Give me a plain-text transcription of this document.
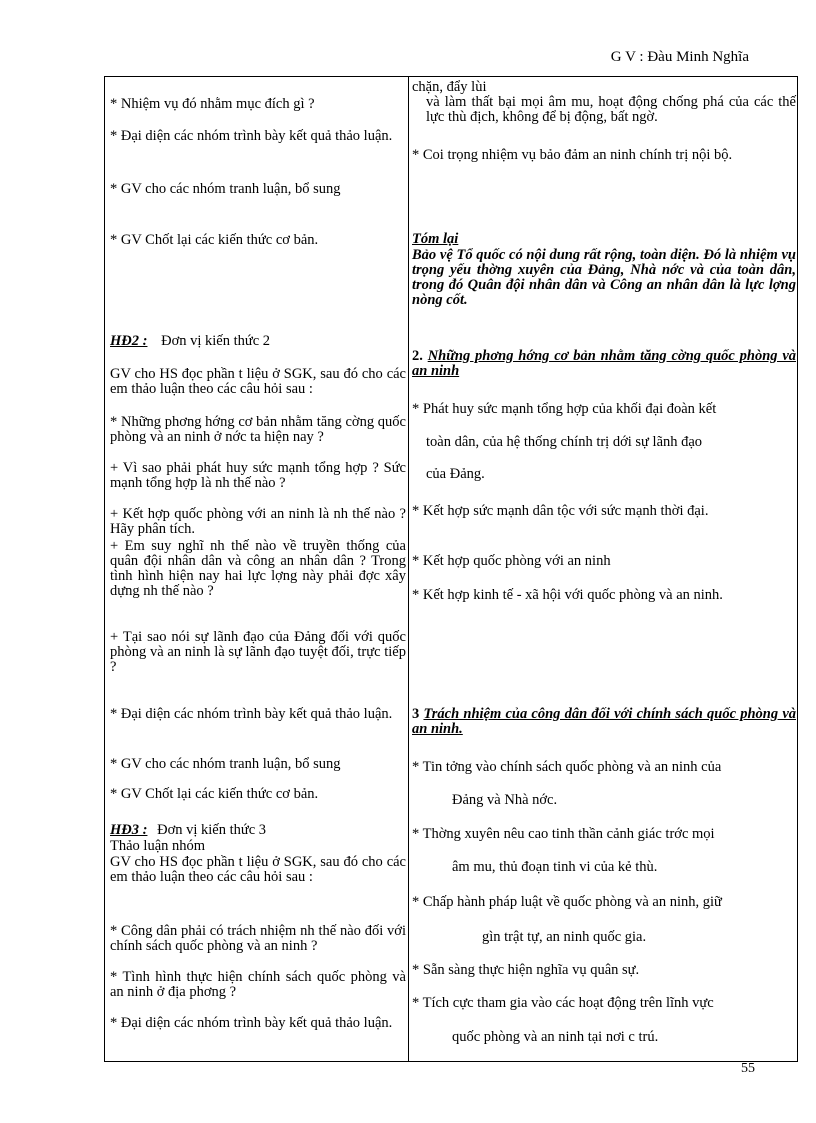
G V : Đàu Minh Nghĩa
* Nhiệm vụ đó nhằm mục đích gì ?
* Đại diện các nhóm trình bày kết quả thảo luận.
* GV cho các nhóm tranh luận, bổ sung
* GV Chốt lại các kiến thức cơ bản.
HĐ2 : Đơn vị kiến thức 2
GV cho HS đọc phần t liệu ở SGK, sau đó cho các em thảo luận theo các câu hỏi sau :
* Những phơng hớng cơ bản nhằm tăng cờng quốc phòng và an ninh ở nớc ta hiện nay ?
+ Vì sao phải phát huy sức mạnh tổng hợp ? Sức mạnh tổng hợp là nh thế nào ?
+ Kết hợp quốc phòng với an ninh là nh thế nào ? Hãy phân tích.
+ Em suy nghĩ nh thế nào về truyền thống của quân đội nhân dân và công an nhân dân ? Trong tình hình hiện nay hai lực lợng này phải đợc xây dựng nh thế nào ?
+ Tại sao nói sự lãnh đạo của Đảng đối với quốc phòng và an ninh là sự lãnh đạo tuyệt đối, trực tiếp ?
* Đại diện các nhóm trình bày kết quả thảo luận.
* GV cho các nhóm tranh luận, bổ sung
* GV Chốt lại các kiến thức cơ bản.
HĐ3 : Đơn vị kiến thức 3
Thảo luận nhóm
GV cho HS đọc phần t liệu ở SGK, sau đó cho các em thảo luận theo các câu hỏi sau :
* Công dân phải có trách nhiệm nh thế nào đối với chính sách quốc phòng và an ninh ?
* Tình hình thực hiện chính sách quốc phòng và an ninh ở địa phơng ?
* Đại diện các nhóm trình bày kết quả thảo luận.
chặn, đẩy lùi
và làm thất bại mọi âm mu, hoạt động chống phá của các thế lực thù địch, không để bị động, bất ngờ.
* Coi trọng nhiệm vụ bảo đảm an ninh chính trị nội bộ.
Tóm lại
Bảo vệ Tổ quốc có nội dung rất rộng, toàn diện. Đó là nhiệm vụ trọng yếu thờng xuyên của Đảng, Nhà nớc và của toàn dân, trong đó Quân đội nhân dân và Công an nhân dân là lực lợng nòng cốt.
2. Những phơng hớng cơ bản nhằm tăng cờng quốc phòng và an ninh
* Phát huy sức mạnh tổng hợp của khối đại đoàn kết
toàn dân, của hệ thống chính trị dới sự lãnh đạo
của Đảng.
* Kết hợp sức mạnh dân tộc với sức mạnh thời đại.
* Kết hợp quốc phòng với an ninh
* Kết hợp kinh tế - xã hội với quốc phòng và an ninh.
3 Trách nhiệm của công dân đối với chính sách quốc phòng và an ninh.
* Tin tởng vào chính sách quốc phòng và an ninh của
Đảng và Nhà nớc.
* Thờng xuyên nêu cao tinh thần cảnh giác trớc mọi
âm mu, thủ đoạn tinh vi của kẻ thù.
* Chấp hành pháp luật về quốc phòng và an ninh, giữ
gìn trật tự, an ninh quốc gia.
* Sẵn sàng thực hiện nghĩa vụ quân sự.
* Tích cực tham gia vào các hoạt động trên lĩnh vực
quốc phòng và an ninh tại nơi c trú.
55
